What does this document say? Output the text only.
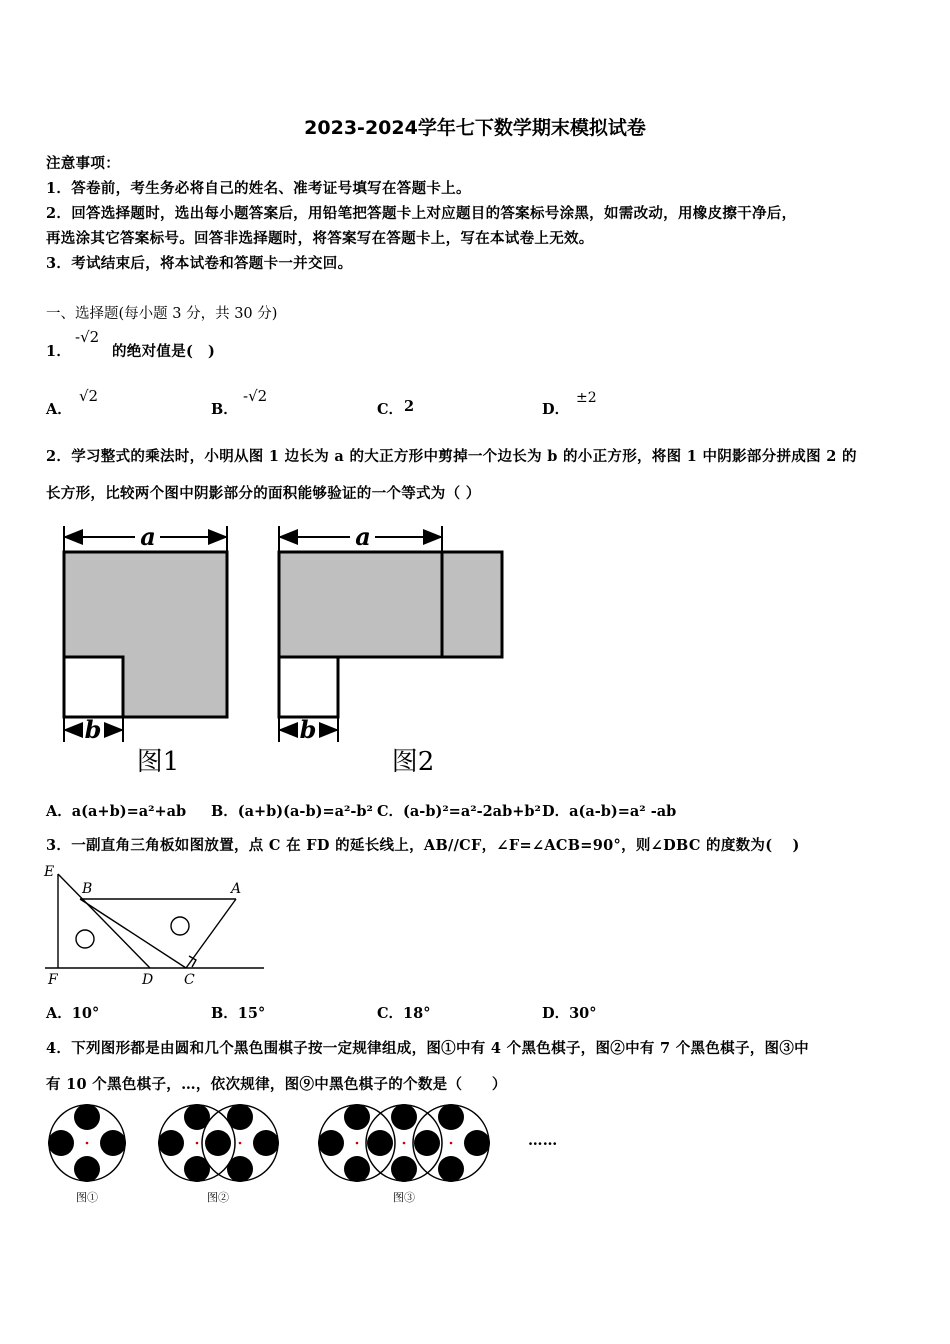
2023-2024学年七下数学期末模拟试卷
注意事项：
1．答卷前，考生务必将自己的姓名、准考证号填写在答题卡上。
2．回答选择题时，选出每小题答案后，用铅笔把答题卡上对应题目的答案标号涂黑，如需改动，用橡皮擦干净后，
再选涂其它答案标号。回答非选择题时，将答案写在答题卡上，写在本试卷上无效。
3．考试结束后，将本试卷和答题卡一并交回。
一、选择题(每小题 3 分，共 30 分)
1．
-√2
的绝对值是(　)
A．
√2
B．
-√2
C． 2	D．
±2
2．学习整式的乘法时，小明从图 1 边长为 a 的大正方形中剪掉一个边长为 b 的小正方形，将图 1 中阴影部分拼成图 2 的
长方形，比较两个图中阴影部分的面积能够验证的一个等式为（ ）
a
b
图1
a
b
图2
A．a(a+b)=a²+ab B．(a+b)(a-b)=a²-b² C．(a-b)²=a²-2ab+b² D．a(a-b)=a² -ab
3．一副直角三角板如图放置，点 C 在 FD 的延长线上，AB//CF，∠F=∠ACB=90°，则∠DBC 的度数为(　 )
E
B	A
F	D C
A．10°	B．15°	C．18°	D．30°
4．下列图形都是由圆和几个黑色围棋子按一定规律组成，图①中有 4 个黑色棋子，图②中有 7 个黑色棋子，图③中
有 10 个黑色棋子，…，依次规律，图⑨中黑色棋子的个数是（　　）
图①	图②	图③
……
